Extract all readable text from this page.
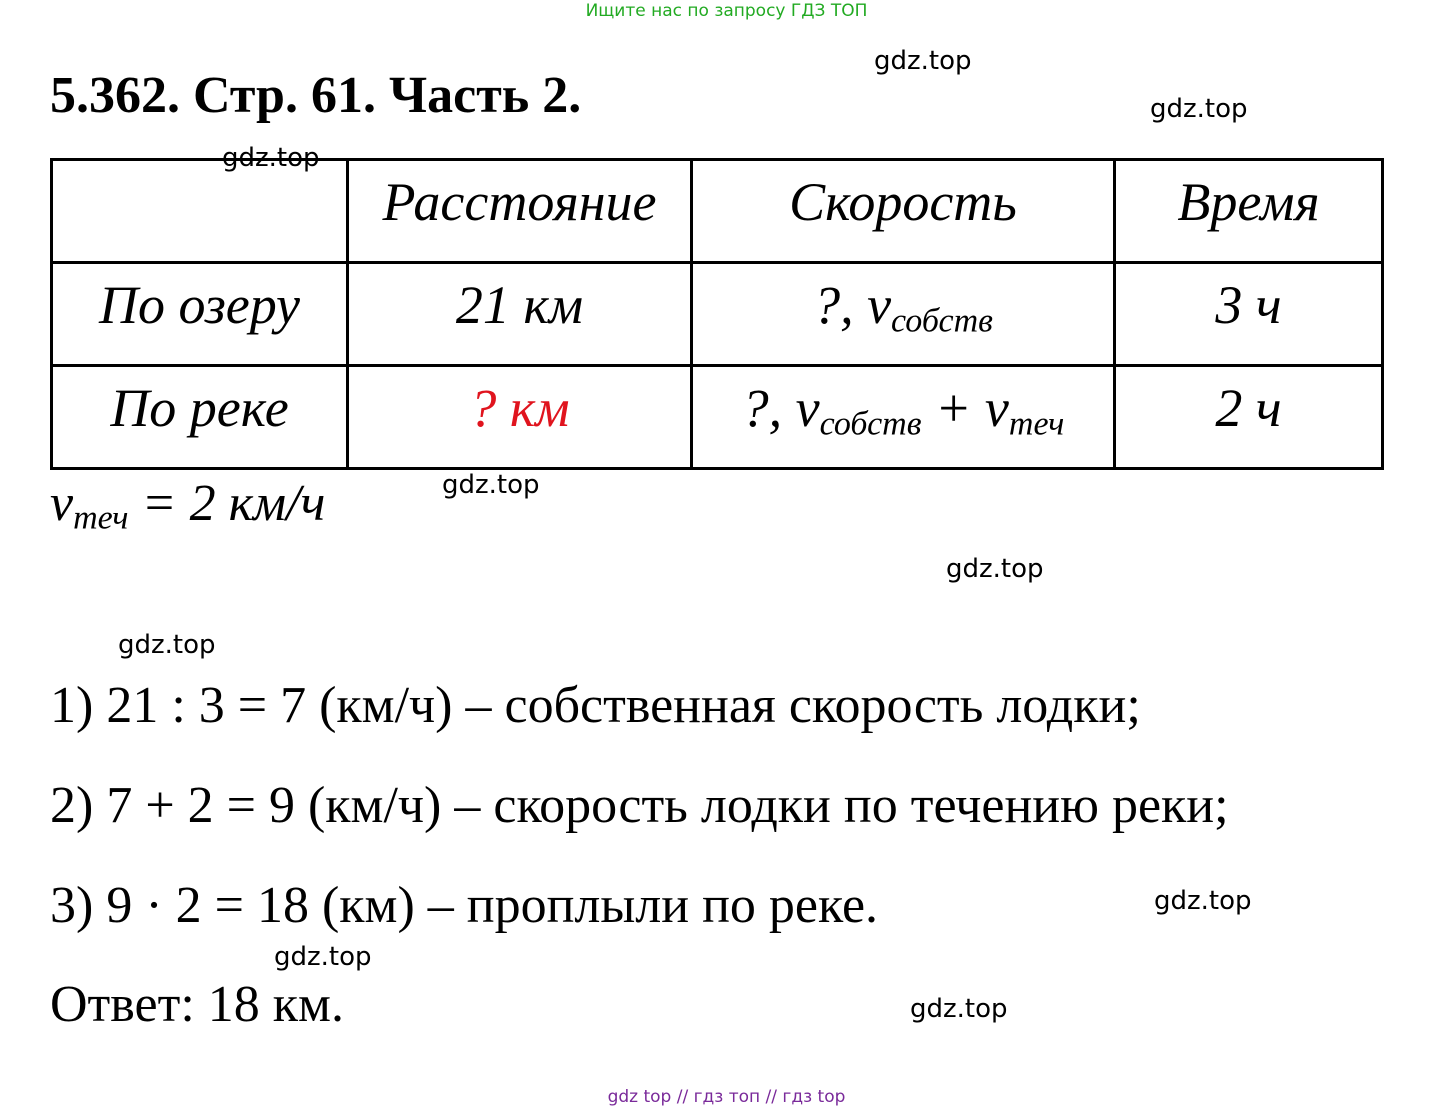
Ищите нас по запросу ГДЗ ТОП
5.362. Стр. 61. Часть 2.
gdz.top
gdz.top
gdz.top
gdz.top
gdz.top
gdz.top
gdz.top
gdz.top
gdz.top
	Расстояние	Скорость	Время
По озеру	21 км	?, $v_{собств}$	3 ч
По реке	? км	?, $v_{собств} + v_{теч}$	2 ч
$v_{теч} = 2$ км/ч
1) 21 : 3 = 7 (км/ч) – собственная скорость лодки;
2) 7 + 2 = 9 (км/ч) – скорость лодки по течению реки;
3) 9 · 2 = 18 (км) – проплыли по реке.
Ответ: 18 км.
gdz top // гдз топ // гдз top
